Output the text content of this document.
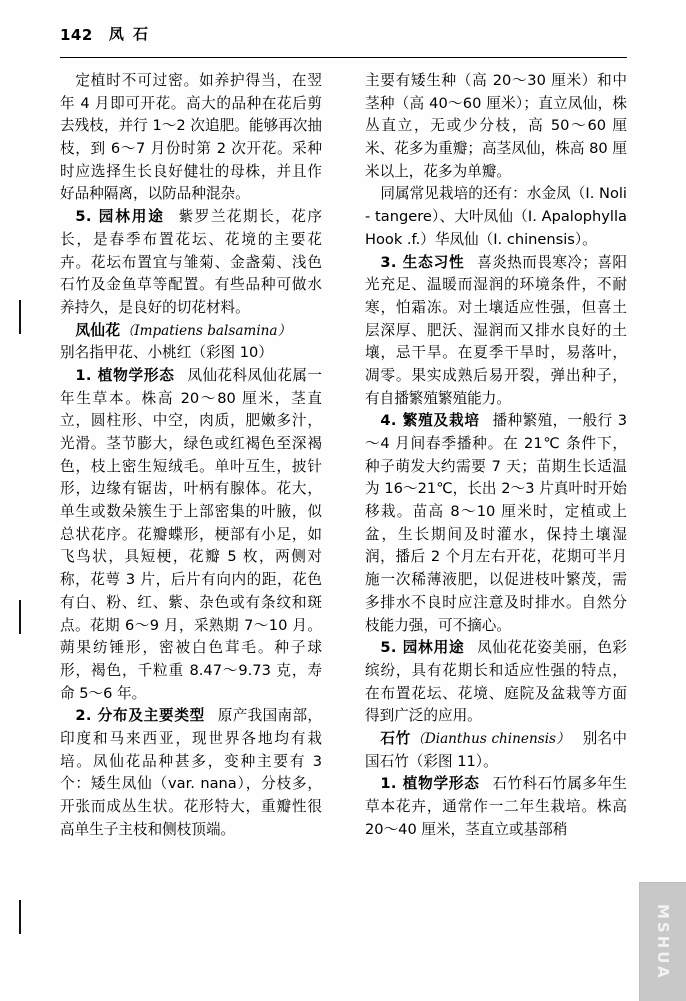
142 凤 石

定植时不可过密。如养护得当，在翌年 4 月即可开花。高大的品种在花后剪去残枝，并行 1～2 次追肥。能够再次抽枝，到 6～7 月份时第 2 次开花。采种时应选择生长良好健壮的母株，并且作好品种隔离，以防品种混杂。

5. 园林用途 紫罗兰花期长，花序长，是春季布置花坛、花境的主要花卉。花坛布置宜与雏菊、金盏菊、浅色石竹及金鱼草等配置。有些品种可做水养持久，是良好的切花材料。

凤仙花（Impatiens balsamina）

别名指甲花、小桃红（彩图 10）

1. 植物学形态 凤仙花科凤仙花属一年生草本。株高 20～80 厘米，茎直立，圆柱形、中空，肉质，肥嫩多汁，光滑。茎节膨大，绿色或红褐色至深褐色，枝上密生短绒毛。单叶互生，披针形，边缘有锯齿，叶柄有腺体。花大，单生或数朵簇生于上部密集的叶腋，似总状花序。花瓣蝶形，梗部有小足，如飞鸟状，具短梗，花瓣 5 枚，两侧对称，花萼 3 片，后片有向内的距，花色有白、粉、红、紫、杂色或有条纹和斑点。花期 6～9 月，采熟期 7～10 月。蒴果纺锤形，密被白色茸毛。种子球形，褐色，千粒重 8.47～9.73 克，寿命 5～6 年。

2. 分布及主要类型 原产我国南部，印度和马来西亚，现世界各地均有栽培。凤仙花品种甚多，变种主要有 3 个：矮生凤仙（var. nana），分枝多，开张而成丛生状。花形特大，重瓣性很高单生子主枝和侧枝顶端。

主要有矮生种（高 20～30 厘米）和中茎种（高 40～60 厘米）；直立凤仙，株丛直立，无或少分枝，高 50～60 厘米、花多为重瓣；高茎凤仙，株高 80 厘米以上，花多为单瓣。

同属常见栽培的还有：水金凤（I. Noli - tangere）、大叶凤仙（I. Apalophylla Hook .f.）华凤仙（I. chinensis）。

3. 生态习性 喜炎热而畏寒冷；喜阳光充足、温暖而湿润的环境条件，不耐寒，怕霜冻。对土壤适应性强，但喜土层深厚、肥沃、湿润而又排水良好的土壤，忌干旱。在夏季干旱时，易落叶，凋零。果实成熟后易开裂，弹出种子，有自播繁殖繁殖能力。

4. 繁殖及栽培 播种繁殖，一般行 3～4 月间春季播种。在 21℃ 条件下，种子萌发大约需要 7 天；苗期生长适温为 16～21℃，长出 2～3 片真叶时开始移栽。苗高 8～10 厘米时，定植或上盆，生长期间及时灌水，保持土壤湿润，播后 2 个月左右开花，花期可半月施一次稀薄液肥，以促进枝叶繁茂，需多排水不良时应注意及时排水。自然分枝能力强，可不摘心。

5. 园林用途 凤仙花花姿美丽，色彩缤纷，具有花期长和适应性强的特点，在布置花坛、花境、庭院及盆栽等方面得到广泛的应用。

石竹（Dianthus chinensis） 别名中国石竹（彩图 11）。

1. 植物学形态 石竹科石竹属多年生草本花卉，通常作一二年生栽培。株高 20～40 厘米，茎直立或基部稍

MSHUA
